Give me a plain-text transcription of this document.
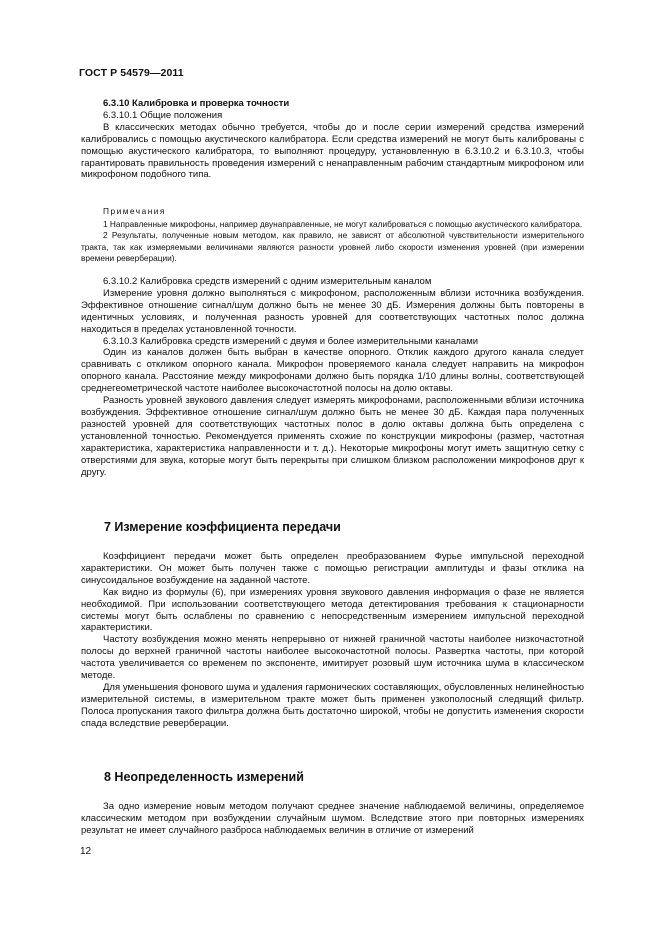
ГОСТ Р 54579—2011

6.3.10 Калибровка и проверка точности

6.3.10.1 Общие положения

В классических методах обычно требуется, чтобы до и после серии измерений средства измерений калибровались с помощью акустического калибратора. Если средства измерений не могут быть калиброваны с помощью акустического калибратора, то выполняют процедуру, установленную в 6.3.10.2 и 6.3.10.3, чтобы гарантировать правильность проведения измерений с ненаправленным рабочим стандартным микрофоном или микрофоном подобного типа.

Примечания

1 Направленные микрофоны, например двунаправленные, не могут калиброваться с помощью акустического калибратора.

2 Результаты, полученные новым методом, как правило, не зависят от абсолютной чувствительности измерительного тракта, так как измеряемыми величинами являются разности уровней либо скорости изменения уровней (при измерении времени реверберации).

6.3.10.2 Калибровка средств измерений с одним измерительным каналом

Измерение уровня должно выполняться с микрофоном, расположенным вблизи источника возбуждения. Эффективное отношение сигнал/шум должно быть не менее 30 дБ. Измерения должны быть повторены в идентичных условиях, и полученная разность уровней для соответствующих частотных полос должна находиться в пределах установленной точности.

6.3.10.3 Калибровка средств измерений с двумя и более измерительными каналами

Один из каналов должен быть выбран в качестве опорного. Отклик каждого другого канала следует сравнивать с откликом опорного канала. Микрофон проверяемого канала следует направить на микрофон опорного канала. Расстояние между микрофонами должно быть порядка 1/10 длины волны, соответствующей среднегеометрической частоте наиболее высокочастотной полосы на долю октавы.

Разность уровней звукового давления следует измерять микрофонами, расположенными вблизи источника возбуждения. Эффективное отношение сигнал/шум должно быть не менее 30 дБ. Каждая пара полученных разностей уровней для соответствующих частотных полос в долю октавы должна быть определена с установленной точностью. Рекомендуется применять схожие по конструкции микрофоны (размер, частотная характеристика, характеристика направленности и т. д.). Некоторые микрофоны могут иметь защитную сетку с отверстиями для звука, которые могут быть перекрыты при слишком близком расположении микрофонов друг к другу.

7 Измерение коэффициента передачи

Коэффициент передачи может быть определен преобразованием Фурье импульсной переходной характеристики. Он может быть получен также с помощью регистрации амплитуды и фазы отклика на синусоидальное возбуждение на заданной частоте.

Как видно из формулы (6), при измерениях уровня звукового давления информация о фазе не является необходимой. При использовании соответствующего метода детектирования требования к стационарности системы могут быть ослаблены по сравнению с непосредственным измерением импульсной переходной характеристики.

Частоту возбуждения можно менять непрерывно от нижней граничной частоты наиболее низкочастотной полосы до верхней граничной частоты наиболее высокочастотной полосы. Развертка частоты, при которой частота увеличивается со временем по экспоненте, имитирует розовый шум источника шума в классическом методе.

Для уменьшения фонового шума и удаления гармонических составляющих, обусловленных нелинейностью измерительной системы, в измерительном тракте может быть применен узкополосный следящий фильтр. Полоса пропускания такого фильтра должна быть достаточно широкой, чтобы не допустить изменения скорости спада вследствие реверберации.

8 Неопределенность измерений

За одно измерение новым методом получают среднее значение наблюдаемой величины, определяемое классическим методом при возбуждении случайным шумом. Вследствие этого при повторных измерениях результат не имеет случайного разброса наблюдаемых величин в отличие от измерений

12
